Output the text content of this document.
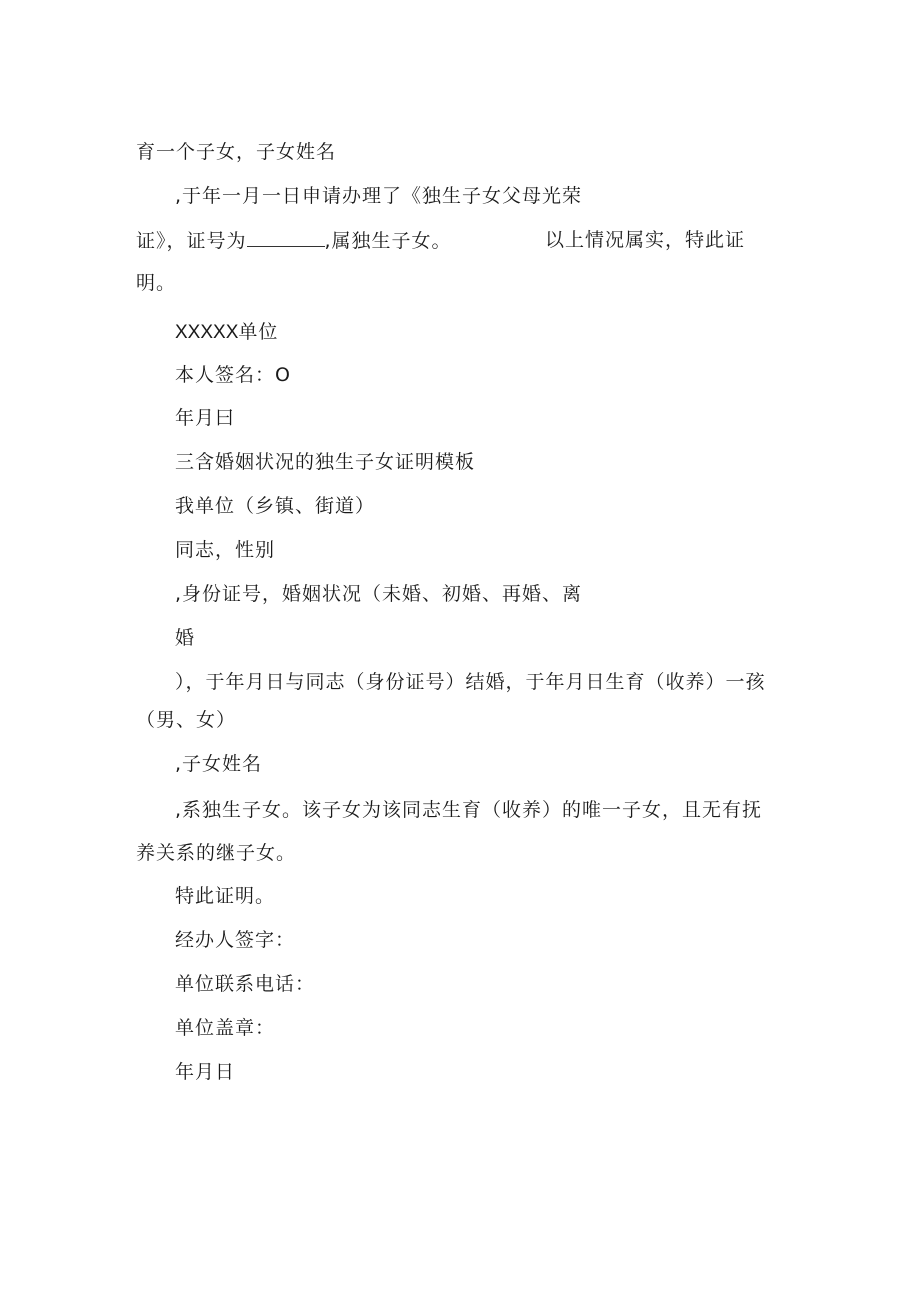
育一个子女，子女姓名
,于年一月一日申请办理了《独生子女父母光荣
证》，证号为	,属独生子女。	以上情况属实，特此证
明。
XXXXX单位
本人签名：O
年月曰
三含婚姻状况的独生子女证明模板
我单位（乡镇、街道）
同志，性别
,身份证号，婚姻状况（未婚、初婚、再婚、离
婚
），于年月日与同志（身份证号）结婚，于年月日生育（收养）一孩
（男、女）
,子女姓名
,系独生子女。该子女为该同志生育（收养）的唯一子女，且无有抚
养关系的继子女。
特此证明。
经办人签字：
单位联系电话：
单位盖章：
年月日
